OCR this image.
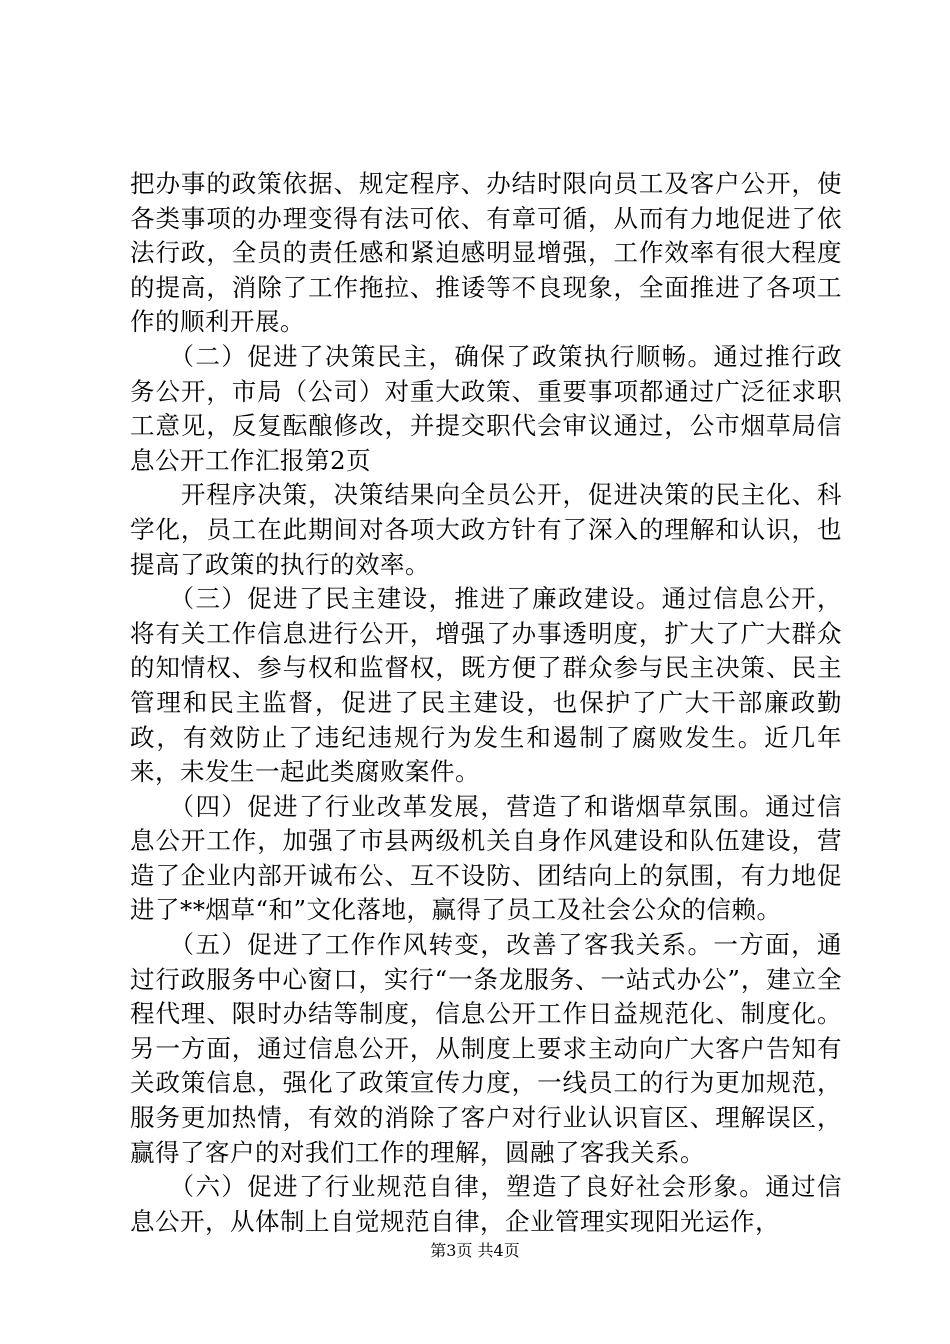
把办事的政策依据、规定程序、办结时限向员工及客户公开，使各类事项的办理变得有法可依、有章可循，从而有力地促进了依法行政，全员的责任感和紧迫感明显增强，工作效率有很大程度的提高，消除了工作拖拉、推诿等不良现象，全面推进了各项工作的顺利开展。

　　（二）促进了决策民主，确保了政策执行顺畅。通过推行政务公开，市局（公司）对重大政策、重要事项都通过广泛征求职工意见，反复酝酿修改，并提交职代会审议通过，公市烟草局信息公开工作汇报第2页

　　开程序决策，决策结果向全员公开，促进决策的民主化、科学化，员工在此期间对各项大政方针有了深入的理解和认识，也提高了政策的执行的效率。

　　（三）促进了民主建设，推进了廉政建设。通过信息公开，将有关工作信息进行公开，增强了办事透明度，扩大了广大群众的知情权、参与权和监督权，既方便了群众参与民主决策、民主管理和民主监督，促进了民主建设，也保护了广大干部廉政勤政，有效防止了违纪违规行为发生和遏制了腐败发生。近几年来，未发生一起此类腐败案件。

　　（四）促进了行业改革发展，营造了和谐烟草氛围。通过信息公开工作，加强了市县两级机关自身作风建设和队伍建设，营造了企业内部开诚布公、互不设防、团结向上的氛围，有力地促进了**烟草“和”文化落地，赢得了员工及社会公众的信赖。

　　（五）促进了工作作风转变，改善了客我关系。一方面，通过行政服务中心窗口，实行“一条龙服务、一站式办公”，建立全程代理、限时办结等制度，信息公开工作日益规范化、制度化。另一方面，通过信息公开，从制度上要求主动向广大客户告知有关政策信息，强化了政策宣传力度，一线员工的行为更加规范，服务更加热情，有效的消除了客户对行业认识盲区、理解误区，赢得了客户的对我们工作的理解，圆融了客我关系。

　　（六）促进了行业规范自律，塑造了良好社会形象。通过信息公开，从体制上自觉规范自律，企业管理实现阳光运作，

第3页 共4页
